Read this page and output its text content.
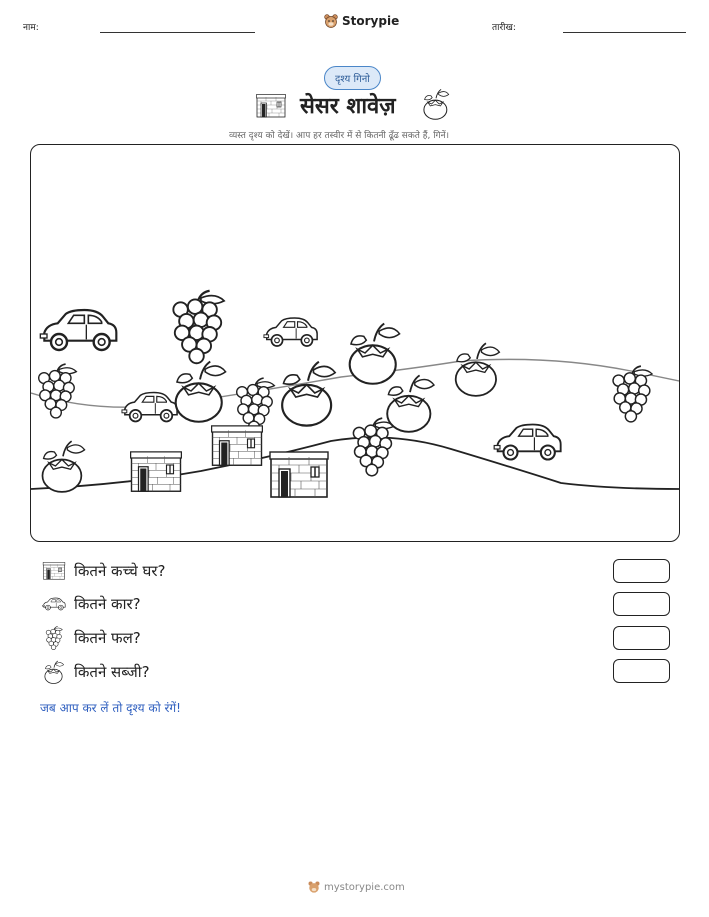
नाम:	Storypie	तारीख:
दृश्य गिनो
सेसर शावेज़
व्यस्त दृश्य को देखें। आप हर तस्वीर में से कितनी ढूँढ सकते हैं, गिनें।
कितने कच्चे घर?
कितने कार?
कितने फल?
कितने सब्जी?
जब आप कर लें तो दृश्य को रंगें!
mystorypie.com
